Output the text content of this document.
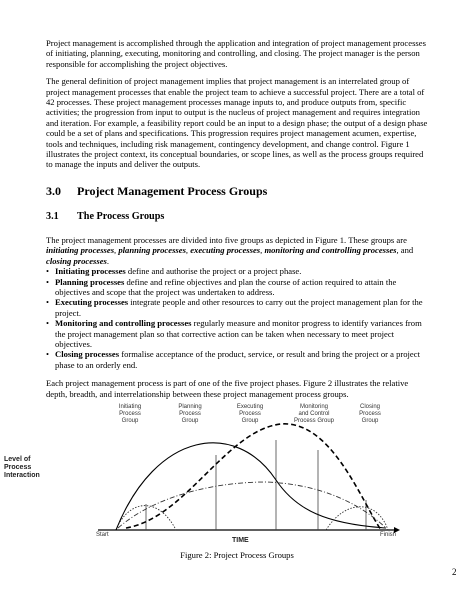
Project management is accomplished through the application and integration of project management processes of initiating, planning, executing, monitoring and controlling, and closing. The project manager is the person responsible for accomplishing the project objectives.

The general definition of project management implies that project management is an interrelated group of project management processes that enable the project team to achieve a successful project. There are a total of 42 processes. These project management processes manage inputs to, and produce outputs from, specific activities; the progression from input to output is the nucleus of project management and requires integration and iteration. For example, a feasibility report could be an input to a design phase; the output of a design phase could be a set of plans and specifications. This progression requires project management acumen, expertise, tools and techniques, including risk management, contingency development, and change control. Figure 1 illustrates the project context, its conceptual boundaries, or scope lines, as well as the process groups required to manage the inputs and deliver the outputs.

3.0 Project Management Process Groups
3.1 The Process Groups

The project management processes are divided into five groups as depicted in Figure 1. These groups are initiating processes, planning processes, executing processes, monitoring and controlling processes, and closing processes.

• Initiating processes define and authorise the project or a project phase.
• Planning processes define and refine objectives and plan the course of action required to attain the objectives and scope that the project was undertaken to address.
• Executing processes integrate people and other resources to carry out the project management plan for the project.
• Monitoring and controlling processes regularly measure and monitor progress to identify variances from the project management plan so that corrective action can be taken when necessary to meet project objectives.
• Closing processes formalise acceptance of the product, service, or result and bring the project or a project phase to an orderly end.

Each project management process is part of one of the five project phases. Figure 2 illustrates the relative depth, breadth, and interrelationship between these project management process groups.

Level of
Process
Interaction
Initiating
Process
Group
Planning
Process
Group
Executing
Process
Group
Monitoring
and Control
Process Group
Closing
Process
Group
Start
TIME
Finish
Figure 2: Project Process Groups
2
